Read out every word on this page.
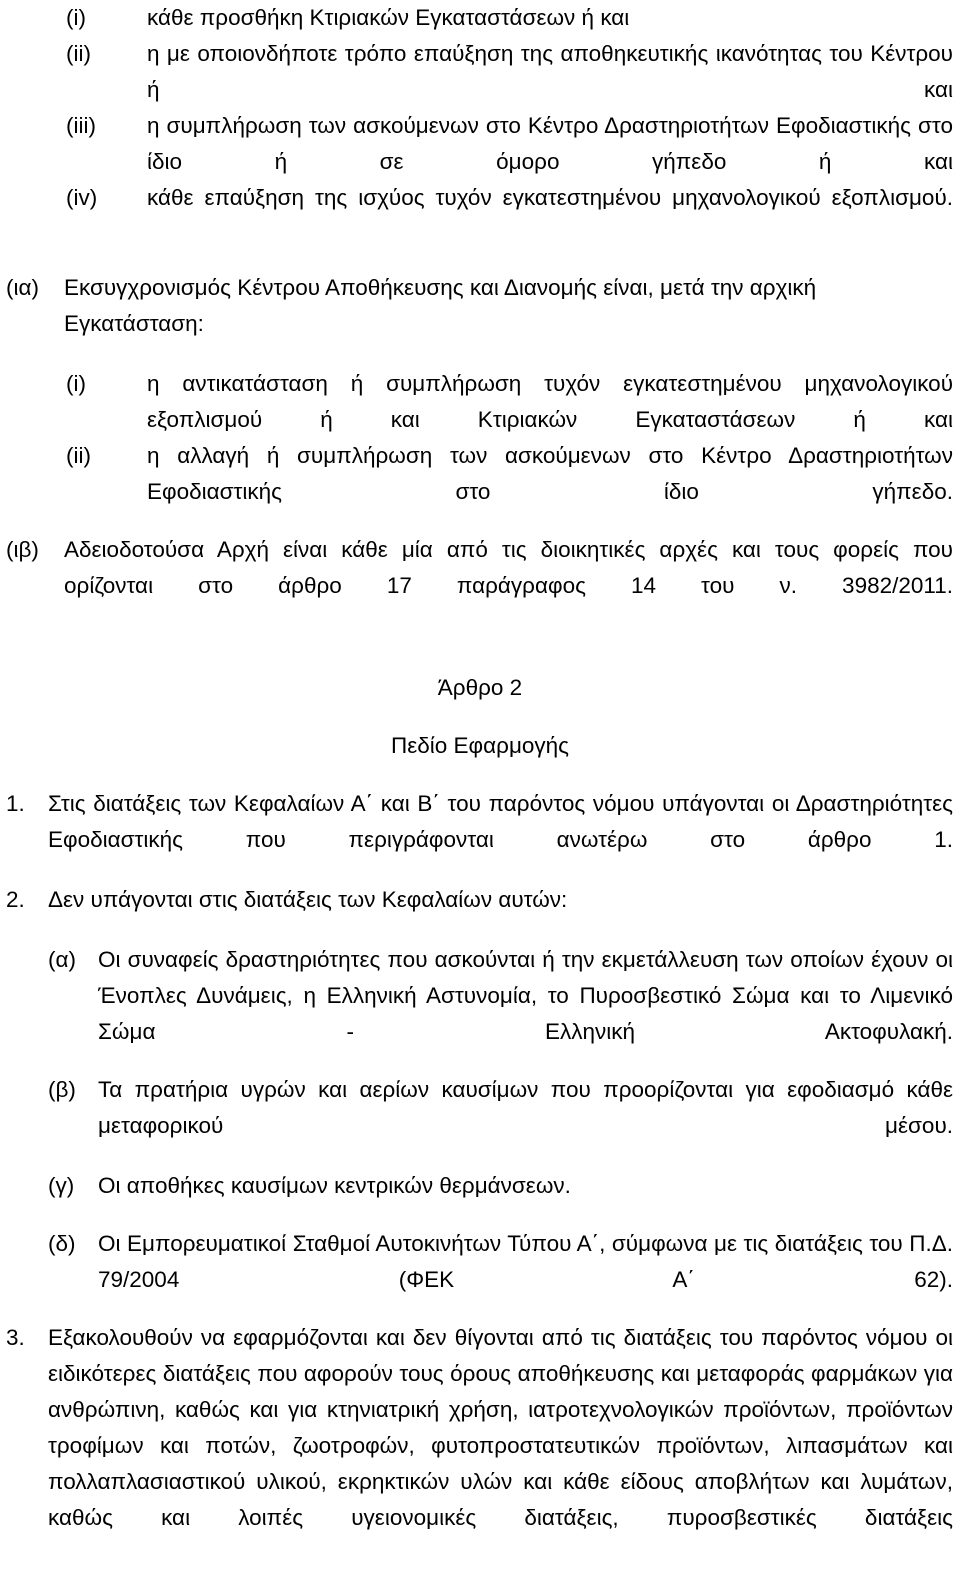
(i)	κάθε προσθήκη Κτιριακών Εγκαταστάσεων ή και
(ii) η με οποιονδήποτε τρόπο επαύξηση της αποθηκευτικής ικανότητας του Κέντρου ή και
(iii) η συμπλήρωση των ασκούμενων στο Κέντρο Δραστηριοτήτων Εφοδιαστικής στο ίδιο ή σε όμορο γήπεδο ή και
(iv) κάθε επαύξηση της ισχύος τυχόν εγκατεστημένου μηχανολογικού εξοπλισμού.
(ια) Εκσυγχρονισμός Κέντρου Αποθήκευσης και Διανομής είναι, μετά την αρχική Εγκατάσταση:
(i)	η αντικατάσταση ή συμπλήρωση τυχόν εγκατεστημένου μηχανολογικού εξοπλισμού ή και Κτιριακών Εγκαταστάσεων ή και
(ii) η αλλαγή ή συμπλήρωση των ασκούμενων στο Κέντρο Δραστηριοτήτων Εφοδιαστικής στο ίδιο γήπεδο.
(ιβ) Αδειοδοτούσα Αρχή είναι κάθε μία από τις διοικητικές αρχές και τους φορείς που ορίζονται στο άρθρο 17 παράγραφος 14 του ν. 3982/2011.
Άρθρο 2
Πεδίο Εφαρμογής
1. Στις διατάξεις των Κεφαλαίων Α΄ και Β΄ του παρόντος νόμου υπάγονται οι Δραστηριότητες Εφοδιαστικής που περιγράφονται ανωτέρω στο άρθρο 1.
2. Δεν υπάγονται στις διατάξεις των Κεφαλαίων αυτών:
(α) Οι συναφείς δραστηριότητες που ασκούνται ή την εκμετάλλευση των οποίων έχουν οι Ένοπλες Δυνάμεις, η Ελληνική Αστυνομία, το Πυροσβεστικό Σώμα και το Λιμενικό Σώμα - Ελληνική Ακτοφυλακή.
(β) Τα πρατήρια υγρών και αερίων καυσίμων που προορίζονται για εφοδιασμό κάθε μεταφορικού μέσου.
(γ) Οι αποθήκες καυσίμων κεντρικών θερμάνσεων.
(δ) Οι Εμπορευματικοί Σταθμοί Αυτοκινήτων Τύπου Α΄, σύμφωνα με τις διατάξεις του Π.Δ. 79/2004 (ΦΕΚ Α΄ 62).
3. Εξακολουθούν να εφαρμόζονται και δεν θίγονται από τις διατάξεις του παρόντος νόμου οι ειδικότερες διατάξεις που αφορούν τους όρους αποθήκευσης και μεταφοράς φαρμάκων για ανθρώπινη, καθώς και για κτηνιατρική χρήση, ιατροτεχνολογικών προϊόντων, προϊόντων τροφίμων και ποτών, ζωοτροφών, φυτοπροστατευτικών προϊόντων, λιπασμάτων και πολλαπλασιαστικού υλικού, εκρηκτικών υλών και κάθε είδους αποβλήτων και λυμάτων, καθώς και λοιπές υγειονομικές διατάξεις, πυροσβεστικές διατάξεις
